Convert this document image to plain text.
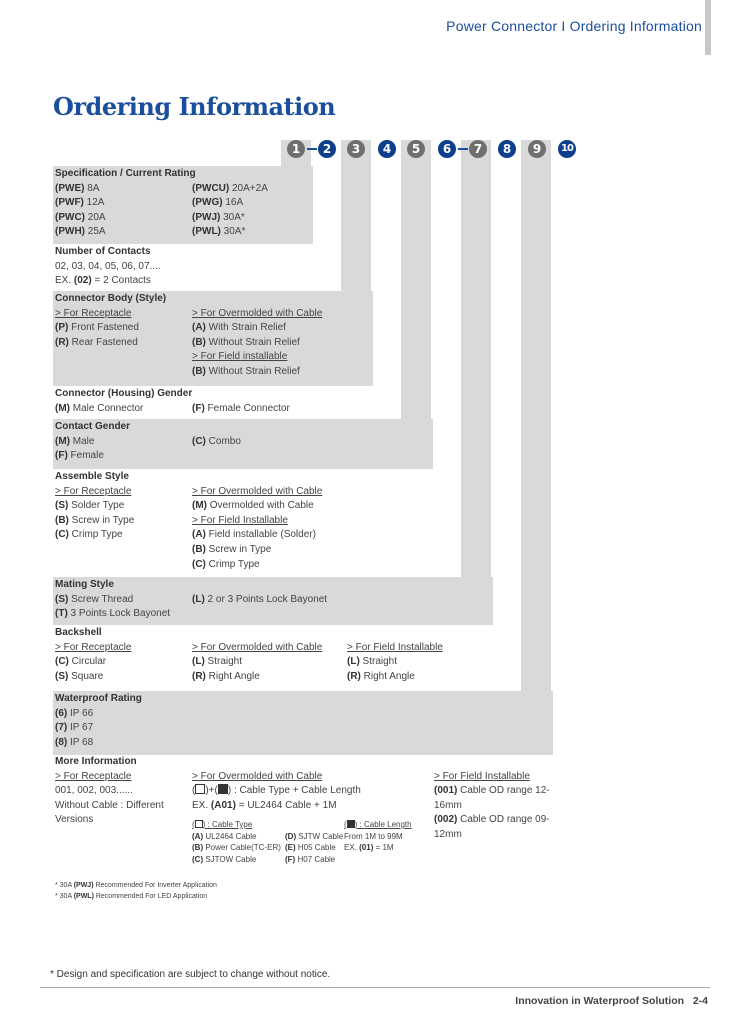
Power Connector I Ordering Information
Ordering Information
1	2	3	4	5	6	7	8	9	10
Specification / Current Rating
(PWE) 8A	(PWCU) 20A+2A
(PWF) 12A	(PWG) 16A
(PWC) 20A	(PWJ) 30A*
(PWH) 25A	(PWL) 30A*
Number of Contacts
02, 03, 04, 05, 06, 07....
EX. (02) = 2 Contacts
Connector Body (Style)
> For Receptacle	> For Overmolded with Cable
(P) Front Fastened	(A) With Strain Relief
(R) Rear Fastened	(B) Without Strain Relief
> For Field installable
(B) Without Strain Relief
Connector (Housing) Gender
(M) Male Connector	(F) Female Connector
Contact Gender
(M) Male	(C) Combo
(F) Female
Assemble Style
> For Receptacle	> For Overmolded with Cable
(S) Solder Type	(M) Overmolded with Cable
(B) Screw in Type	> For Field Installable
(C) Crimp Type	(A) Field installable (Solder)
(B) Screw in Type
(C) Crimp Type
Mating Style
(S) Screw Thread	(L) 2 or 3 Points Lock Bayonet
(T) 3 Points Lock Bayonet
Backshell
> For Receptacle	> For Overmolded with Cable	> For Field Installable
(C) Circular	(L) Straight	(L) Straight
(S) Square	(R) Right Angle	(R) Right Angle
Waterproof Rating
(6) IP 66
(7) IP 67
(8) IP 68
More Information
> For Receptacle
001, 002, 003......
Without Cable : Different
Versions
> For Overmolded with Cable
( )+( ) : Cable Type + Cable Length
EX. (A01) = UL2464 Cable + 1M
( ) : Cable Type
(A) UL2464 Cable
(B) Power Cable(TC-ER)
(C) SJTOW Cable
(D) SJTW Cable
(E) H05 Cable
(F) H07 Cable
( ) : Cable Length
From 1M to 99M
EX. (01) = 1M
> For Field Installable
(001) Cable OD range 12-16mm
(002) Cable OD range 09-12mm
* 30A (PWJ) Recommended For Inverter Application
* 30A (PWL) Recommended For LED Application
* Design and specification are subject to change without notice.
Innovation in Waterproof Solution 2-4
